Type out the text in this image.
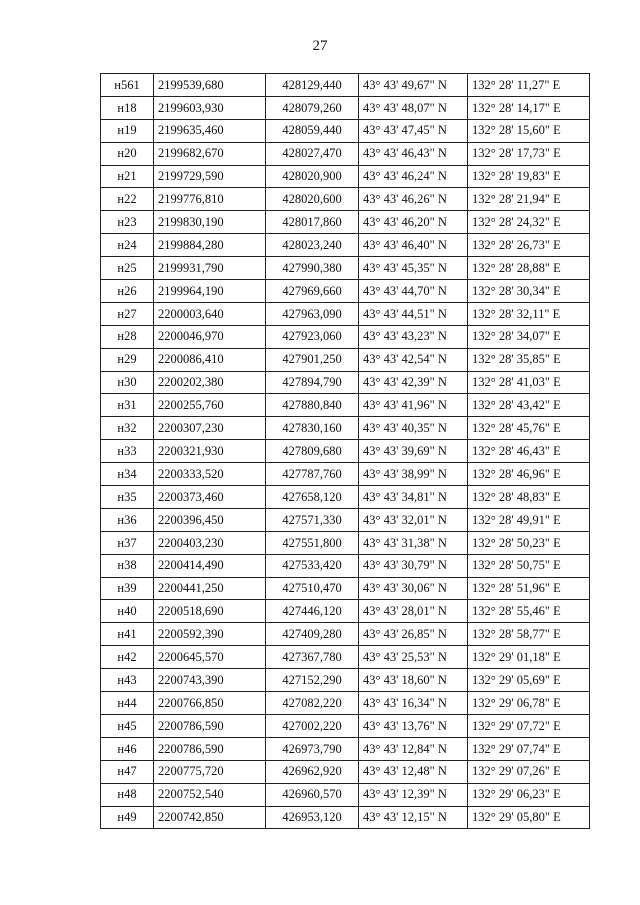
27
н561	2199539,680	428129,440	43° 43' 49,67" N	132° 28' 11,27" E
н18	2199603,930	428079,260	43° 43' 48,07" N	132° 28' 14,17" E
н19	2199635,460	428059,440	43° 43' 47,45" N	132° 28' 15,60" E
н20	2199682,670	428027,470	43° 43' 46,43" N	132° 28' 17,73" E
н21	2199729,590	428020,900	43° 43' 46,24" N	132° 28' 19,83" E
н22	2199776,810	428020,600	43° 43' 46,26" N	132° 28' 21,94" E
н23	2199830,190	428017,860	43° 43' 46,20" N	132° 28' 24,32" E
н24	2199884,280	428023,240	43° 43' 46,40" N	132° 28' 26,73" E
н25	2199931,790	427990,380	43° 43' 45,35" N	132° 28' 28,88" E
н26	2199964,190	427969,660	43° 43' 44,70" N	132° 28' 30,34" E
н27	2200003,640	427963,090	43° 43' 44,51" N	132° 28' 32,11" E
н28	2200046,970	427923,060	43° 43' 43,23" N	132° 28' 34,07" E
н29	2200086,410	427901,250	43° 43' 42,54" N	132° 28' 35,85" E
н30	2200202,380	427894,790	43° 43' 42,39" N	132° 28' 41,03" E
н31	2200255,760	427880,840	43° 43' 41,96" N	132° 28' 43,42" E
н32	2200307,230	427830,160	43° 43' 40,35" N	132° 28' 45,76" E
н33	2200321,930	427809,680	43° 43' 39,69" N	132° 28' 46,43" E
н34	2200333,520	427787,760	43° 43' 38,99" N	132° 28' 46,96" E
н35	2200373,460	427658,120	43° 43' 34,81" N	132° 28' 48,83" E
н36	2200396,450	427571,330	43° 43' 32,01" N	132° 28' 49,91" E
н37	2200403,230	427551,800	43° 43' 31,38" N	132° 28' 50,23" E
н38	2200414,490	427533,420	43° 43' 30,79" N	132° 28' 50,75" E
н39	2200441,250	427510,470	43° 43' 30,06" N	132° 28' 51,96" E
н40	2200518,690	427446,120	43° 43' 28,01" N	132° 28' 55,46" E
н41	2200592,390	427409,280	43° 43' 26,85" N	132° 28' 58,77" E
н42	2200645,570	427367,780	43° 43' 25,53" N	132° 29' 01,18" E
н43	2200743,390	427152,290	43° 43' 18,60" N	132° 29' 05,69" E
н44	2200766,850	427082,220	43° 43' 16,34" N	132° 29' 06,78" E
н45	2200786,590	427002,220	43° 43' 13,76" N	132° 29' 07,72" E
н46	2200786,590	426973,790	43° 43' 12,84" N	132° 29' 07,74" E
н47	2200775,720	426962,920	43° 43' 12,48" N	132° 29' 07,26" E
н48	2200752,540	426960,570	43° 43' 12,39" N	132° 29' 06,23" E
н49	2200742,850	426953,120	43° 43' 12,15" N	132° 29' 05,80" E
